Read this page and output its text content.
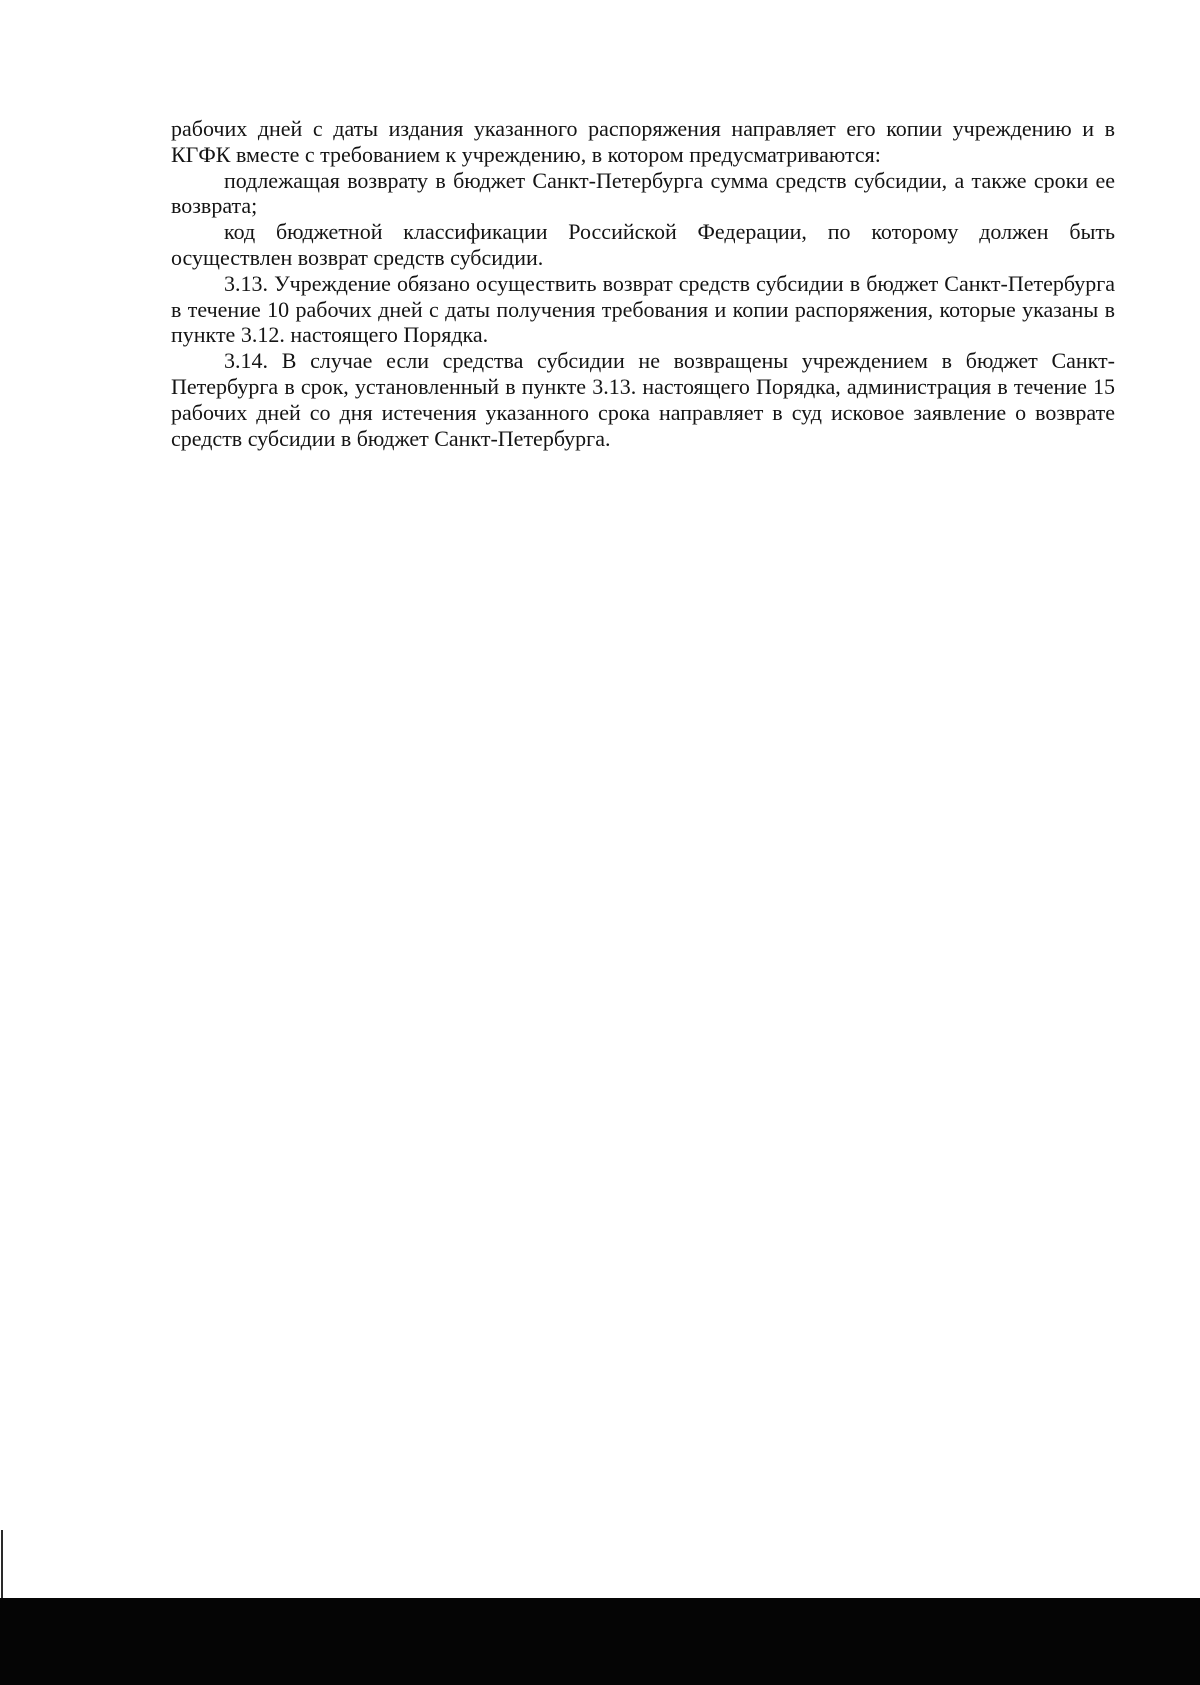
рабочих дней с даты издания указанного распоряжения направляет его копии учреждению и в КГФК вместе с требованием к учреждению, в котором предусматриваются:

подлежащая возврату в бюджет Санкт-Петербурга сумма средств субсидии, а также сроки ее возврата;

код бюджетной классификации Российской Федерации, по которому должен быть осуществлен возврат средств субсидии.

3.13. Учреждение обязано осуществить возврат средств субсидии в бюджет Санкт-Петербурга в течение 10 рабочих дней с даты получения требования и копии распоряжения, которые указаны в пункте 3.12. настоящего Порядка.

3.14. В случае если средства субсидии не возвращены учреждением в бюджет Санкт-Петербурга в срок, установленный в пункте 3.13. настоящего Порядка, администрация в течение 15 рабочих дней со дня истечения указанного срока направляет в суд исковое заявление о возврате средств субсидии в бюджет Санкт-Петербурга.
